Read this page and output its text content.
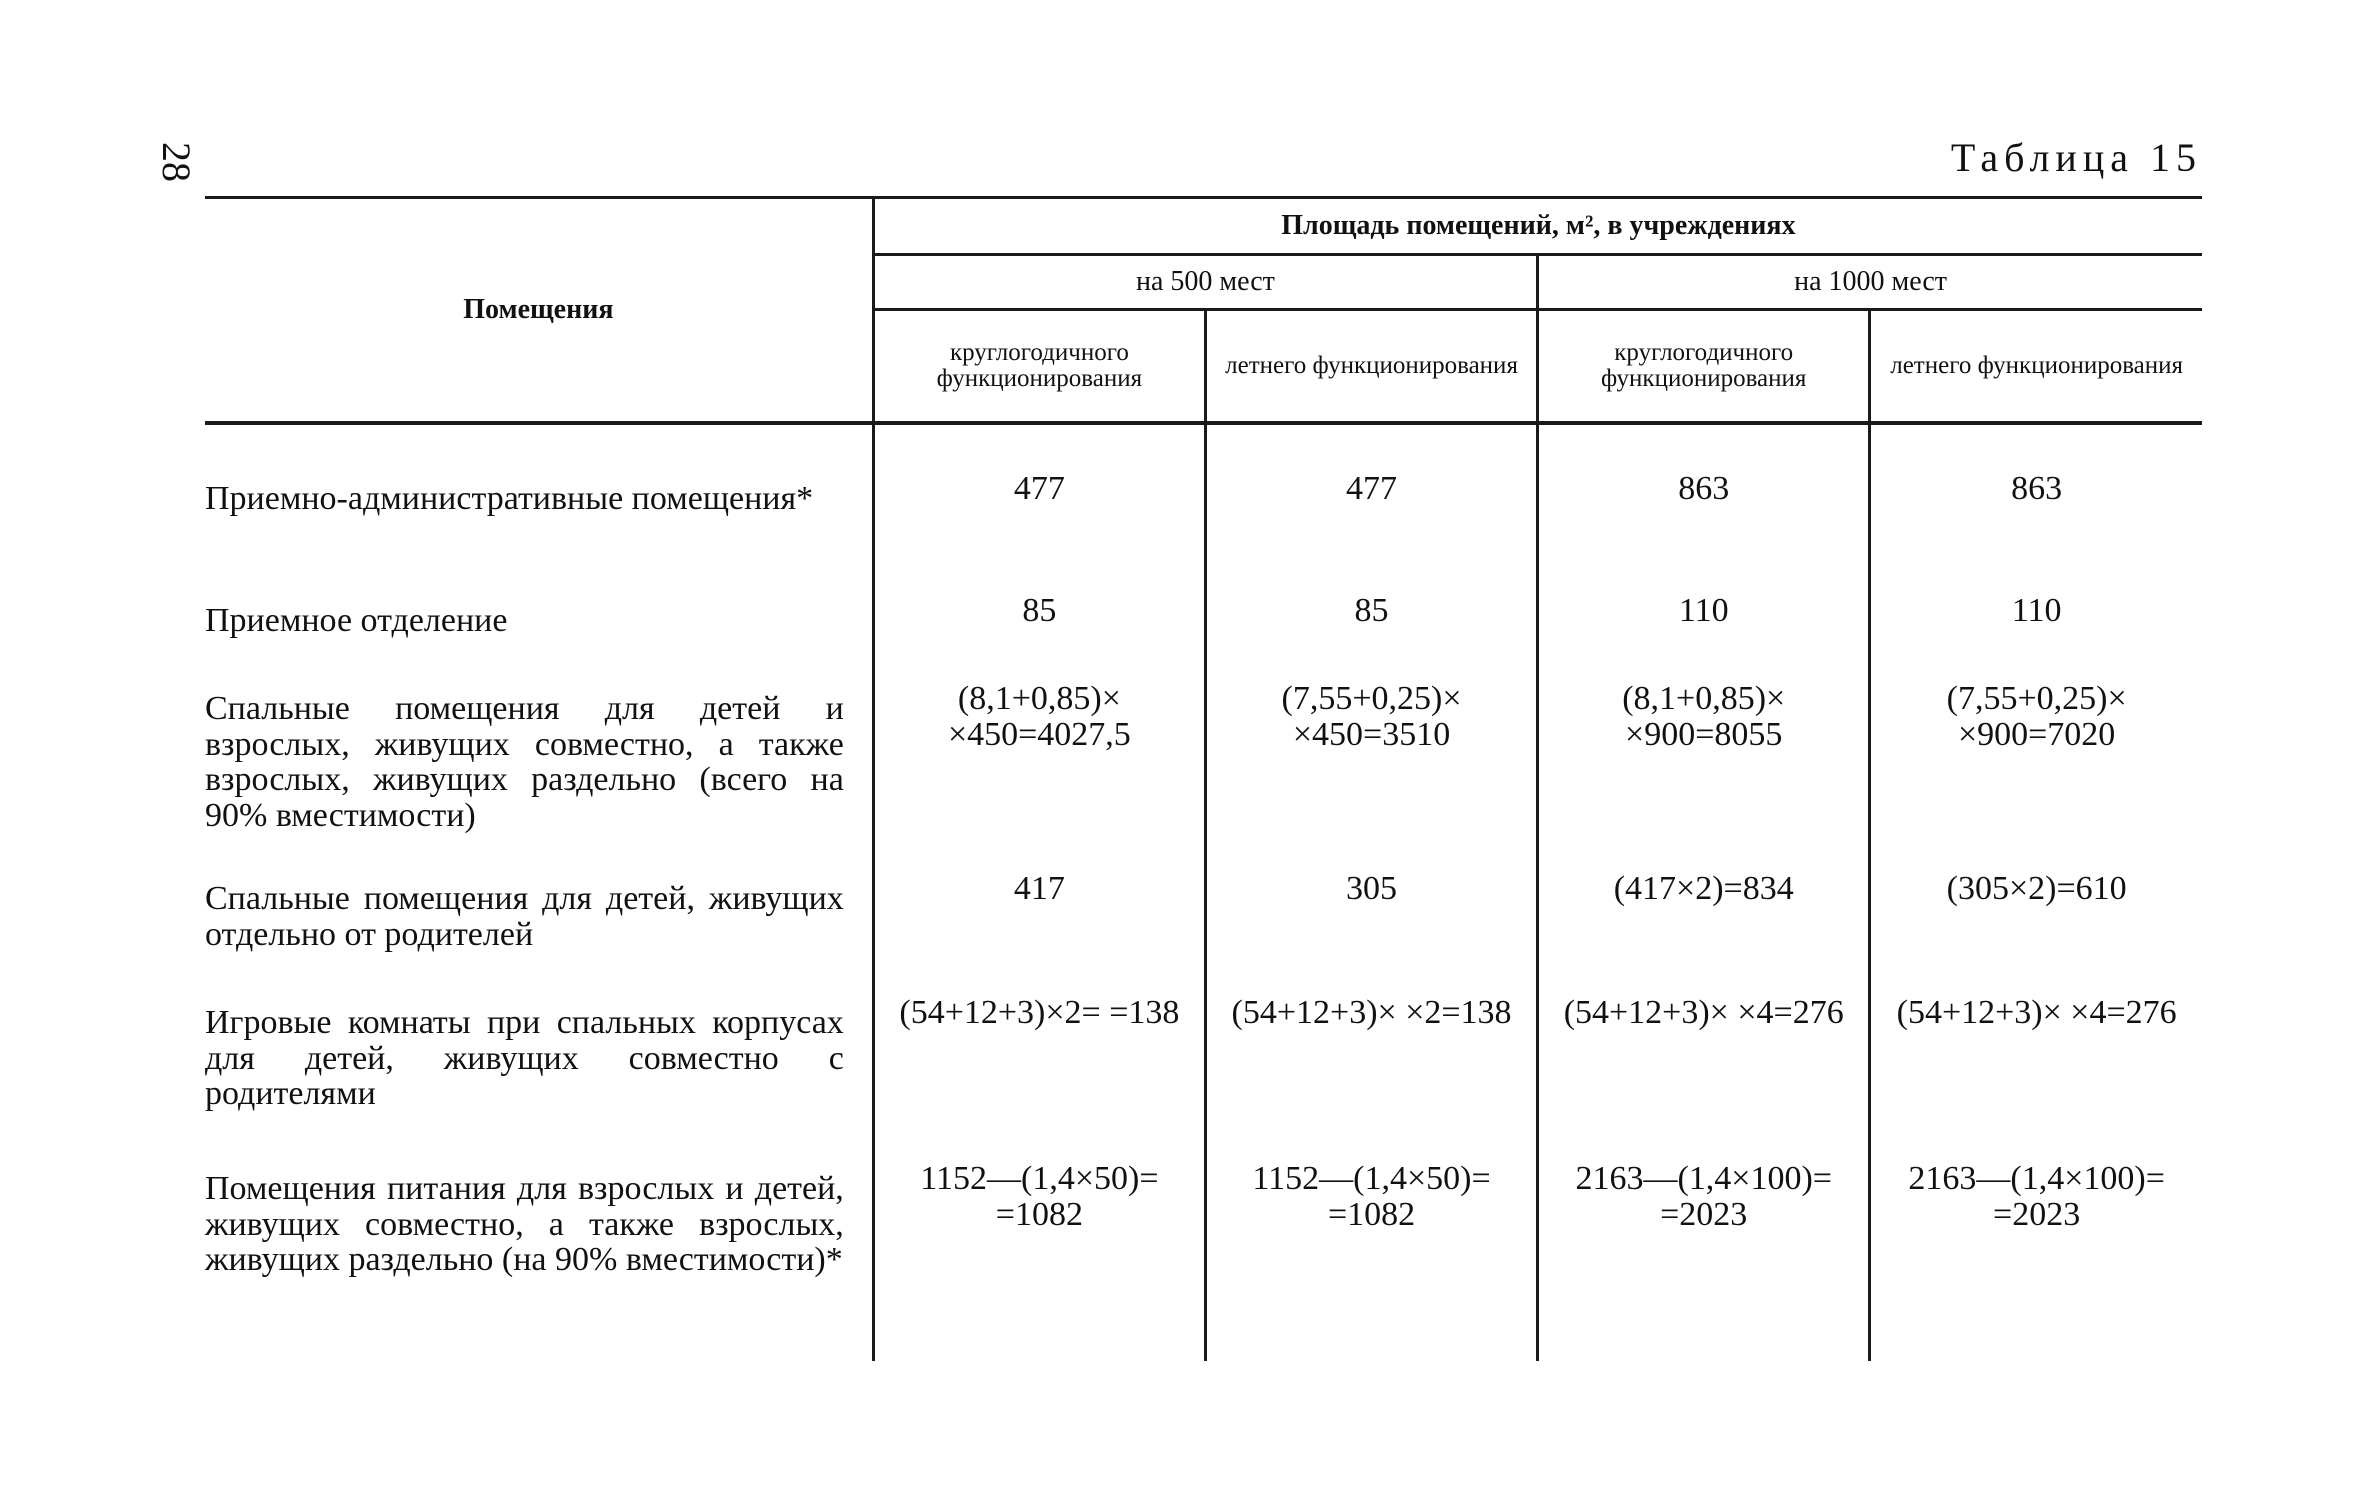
28	Таблица 15
Помещения	Площадь помещений, м², в учреждениях			
	на 500 мест		на 1000 мест	
	круглогодичного функционирования	летнего функционирования	круглогодичного функционирования	летнего функционирования

Приемно-административные помещения*	477	477	863	863

Приемное отделение	85	85	110	110

Спальные помещения для детей и взрослых, живущих совместно, а также взрослых, живущих раздельно (всего на 90% вместимости)	(8,1+0,85)× ×450=4027,5	(7,55+0,25)× ×450=3510	(8,1+0,85)× ×900=8055	(7,55+0,25)× ×900=7020

Спальные помещения для детей, живущих отдельно от родителей	417	305	(417×2)=834	(305×2)=610

Игровые комнаты при спальных корпусах для детей, живущих совместно с родителями	(54+12+3)×2= =138	(54+12+3)× ×2=138	(54+12+3)× ×4=276	(54+12+3)× ×4=276

Помещения питания для взрослых и детей, живущих совместно, а также взрослых, живущих раздельно (на 90% вместимости)*	1152—(1,4×50)= =1082	1152—(1,4×50)= =1082	2163—(1,4×100)= =2023	2163—(1,4×100)= =2023
